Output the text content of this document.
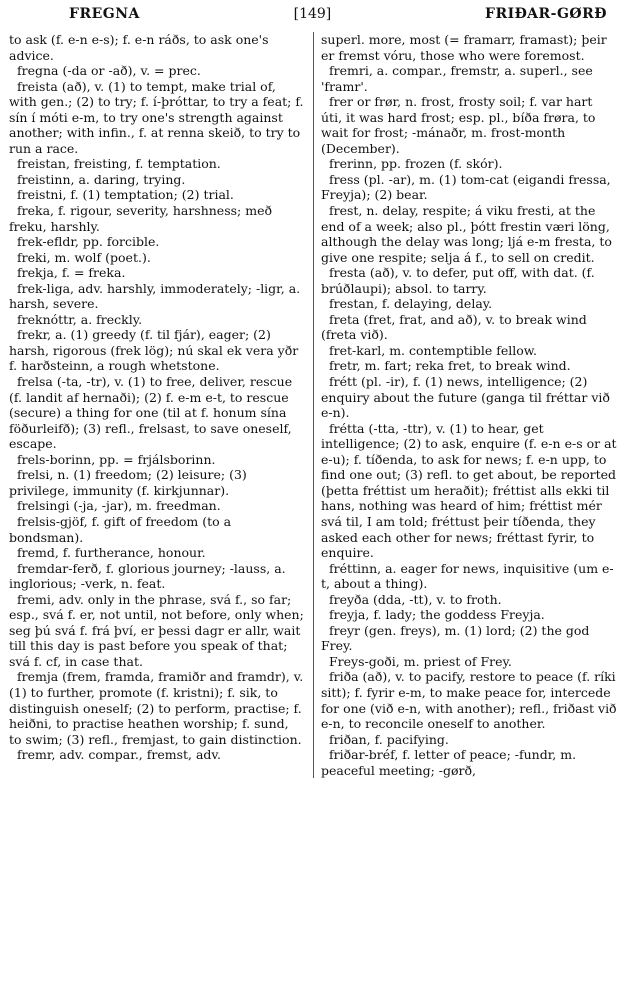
FREGNA	[149]	FRIÐAR-GØRÐ

to ask (f. e-n e-s); f. e-n ráðs, to ask one's advice.

fregna (-da or -að), v. = prec.

freista (að), v. (1) to tempt, make trial of, with gen.; (2) to try; f. í-þróttar, to try a feat; f. sín í móti e-m, to try one's strength against another; with infin., f. at renna skeið, to try to run a race.

freistan, freisting, f. temptation.

freistinn, a. daring, trying.

freistni, f. (1) temptation; (2) trial.

freka, f. rigour, severity, harshness; með freku, harshly.

frek-efldr, pp. forcible.

freki, m. wolf (poet.).

frekja, f. = freka.

frek-liga, adv. harshly, immoderately; -ligr, a. harsh, severe.

freknóttr, a. freckly.

frekr, a. (1) greedy (f. til fjár), eager; (2) harsh, rigorous (frek lög); nú skal ek vera yðr f. harðsteinn, a rough whetstone.

frelsa (-ta, -tr), v. (1) to free, deliver, rescue (f. landit af hernaði); (2) f. e-m e-t, to rescue (secure) a thing for one (til at f. honum sína föðurleifð); (3) refl., frelsast, to save oneself, escape.

frels-borinn, pp. = frjálsborinn.

frelsi, n. (1) freedom; (2) leisure; (3) privilege, immunity (f. kirkjunnar).

frelsingi (-ja, -jar), m. freedman.

frelsis-gjöf, f. gift of freedom (to a bondsman).

fremd, f. furtherance, honour.

fremdar-ferð, f. glorious journey; -lauss, a. inglorious; -verk, n. feat.

fremi, adv. only in the phrase, svá f., so far; esp., svá f. er, not until, not before, only when; seg þú svá f. frá því, er þessi dagr er allr, wait till this day is past before you speak of that; svá f. cf, in case that.

fremja (frem, framda, framiðr and framdr), v. (1) to further, promote (f. kristni); f. sik, to distinguish oneself; (2) to perform, practise; f. heiðni, to practise heathen worship; f. sund, to swim; (3) refl., fremjast, to gain distinction.

fremr, adv. compar., fremst, adv.

superl. more, most (= framarr, framast); þeir er fremst vóru, those who were foremost.

fremri, a. compar., fremstr, a. superl., see 'framr'.

frer or frør, n. frost, frosty soil; f. var hart úti, it was hard frost; esp. pl., bíða frøra, to wait for frost; -mánaðr, m. frost-month (December).

frerinn, pp. frozen (f. skór).

fress (pl. -ar), m. (1) tom-cat (eigandi fressa, Freyja); (2) bear.

frest, n. delay, respite; á viku fresti, at the end of a week; also pl., þótt frestin væri löng, although the delay was long; ljá e-m fresta, to give one respite; selja á f., to sell on credit.

fresta (að), v. to defer, put off, with dat. (f. brúðlaupi); absol. to tarry.

frestan, f. delaying, delay.

freta (fret, frat, and að), v. to break wind (freta við).

fret-karl, m. contemptible fellow.

fretr, m. fart; reka fret, to break wind.

frétt (pl. -ir), f. (1) news, intelligence; (2) enquiry about the future (ganga til fréttar við e-n).

frétta (-tta, -ttr), v. (1) to hear, get intelligence; (2) to ask, enquire (f. e-n e-s or at e-u); f. tíðenda, to ask for news; f. e-n upp, to find one out; (3) refl. to get about, be reported (þetta fréttist um heraðit); fréttist alls ekki til hans, nothing was heard of him; fréttist mér svá til, I am told; fréttust þeir tíðenda, they asked each other for news; fréttast fyrir, to enquire.

fréttinn, a. eager for news, inquisitive (um e-t, about a thing).

freyða (dda, -tt), v. to froth.

freyja, f. lady; the goddess Freyja.

freyr (gen. freys), m. (1) lord; (2) the god Frey.

Freys-goði, m. priest of Frey.

friða (að), v. to pacify, restore to peace (f. ríki sitt); f. fyrir e-m, to make peace for, intercede for one (við e-n, with another); refl., friðast við e-n, to reconcile oneself to another.

friðan, f. pacifying.

friðar-bréf, f. letter of peace; -fundr, m. peaceful meeting; -gørð,
